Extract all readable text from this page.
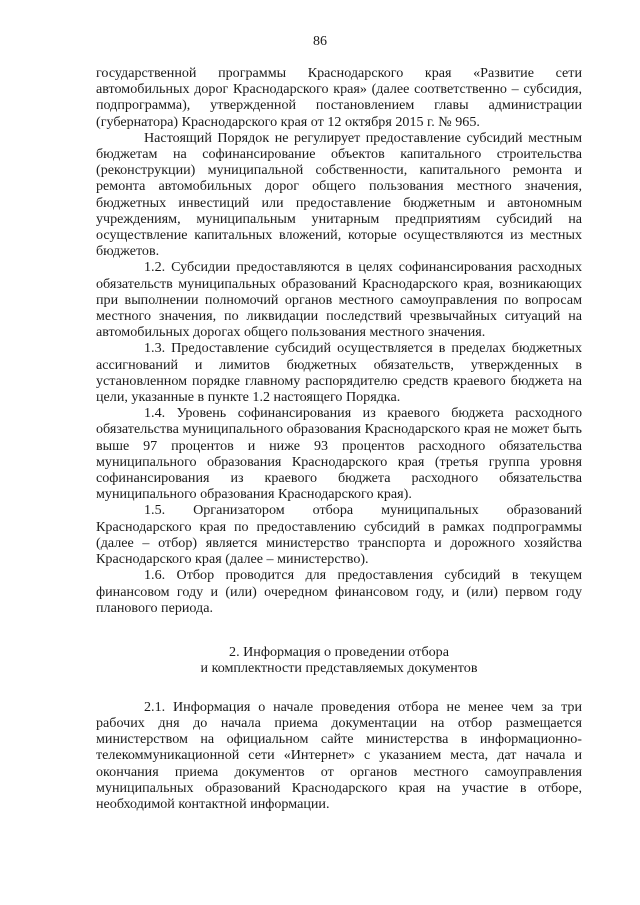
86

государственной программы Краснодарского края «Развитие сети автомобильных дорог Краснодарского края» (далее соответственно – субсидия, подпрограмма), утвержденной постановлением главы администрации (губернатора) Краснодарского края от 12 октября 2015 г. № 965.

Настоящий Порядок не регулирует предоставление субсидий местным бюджетам на софинансирование объектов капитального строительства (реконструкции) муниципальной собственности, капитального ремонта и ремонта автомобильных дорог общего пользования местного значения, бюджетных инвестиций или предоставление бюджетным и автономным учреждениям, муниципальным унитарным предприятиям субсидий на осуществление капитальных вложений, которые осуществляются из местных бюджетов.

1.2. Субсидии предоставляются в целях софинансирования расходных обязательств муниципальных образований Краснодарского края, возникающих при выполнении полномочий органов местного самоуправления по вопросам местного значения, по ликвидации последствий чрезвычайных ситуаций на автомобильных дорогах общего пользования местного значения.

1.3. Предоставление субсидий осуществляется в пределах бюджетных ассигнований и лимитов бюджетных обязательств, утвержденных в установленном порядке главному распорядителю средств краевого бюджета на цели, указанные в пункте 1.2 настоящего Порядка.

1.4. Уровень софинансирования из краевого бюджета расходного обязательства муниципального образования Краснодарского края не может быть выше 97 процентов и ниже 93 процентов расходного обязательства муниципального образования Краснодарского края (третья группа уровня софинансирования из краевого бюджета расходного обязательства муниципального образования Краснодарского края).

1.5. Организатором отбора муниципальных образований Краснодарского края по предоставлению субсидий в рамках подпрограммы (далее – отбор) является министерство транспорта и дорожного хозяйства Краснодарского края (далее – министерство).

1.6. Отбор проводится для предоставления субсидий в текущем финансовом году и (или) очередном финансовом году, и (или) первом году планового периода.

2. Информация о проведении отбора
и комплектности представляемых документов

2.1. Информация о начале проведения отбора не менее чем за три рабочих дня до начала приема документации на отбор размещается министерством на официальном сайте министерства в информационно-телекоммуникационной сети «Интернет» с указанием места, дат начала и окончания приема документов от органов местного самоуправления муниципальных образований Краснодарского края на участие в отборе, необходимой контактной информации.
